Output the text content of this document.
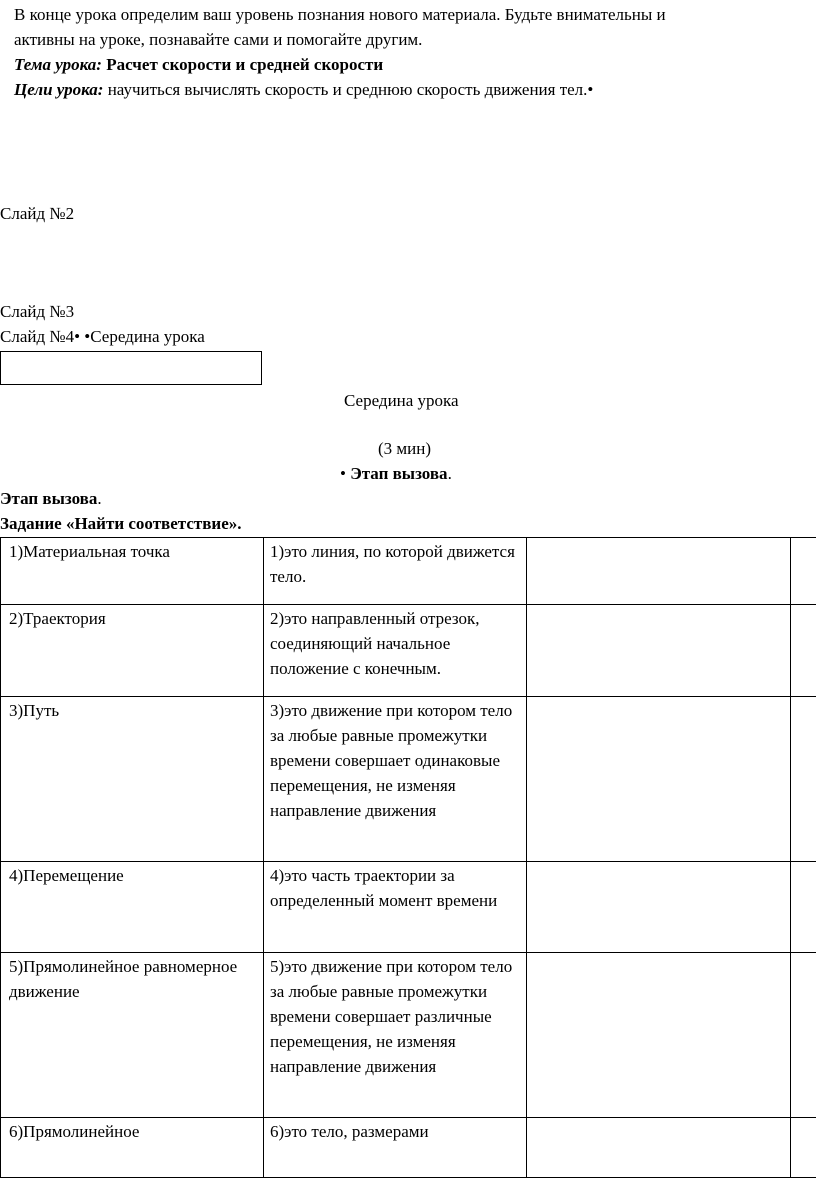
В конце урока определим ваш уровень познания нового материала. Будьте внимательны и
активны на уроке, познавайте сами и помогайте другим.
Тема урока: Расчет скорости и средней скорости
Цели урока: научиться вычислять скорость и среднюю скорость движения тел.•
Слайд №2
Слайд №3
Слайд №4• •Середина урока
Середина урока
(3 мин)
• Этап вызова.
Этап вызова.
Задание «Найти соответствие».
1)Материальная точка	1)это линия, по которой движется тело.		
2)Траектория	2)это направленный отрезок, соединяющий начальное положение с конечным.		
3)Путь	3)это движение при котором тело за любые равные промежутки времени совершает одинаковые перемещения, не изменяя направление движения		
4)Перемещение	4)это часть траектории за определенный момент времени		
5)Прямолинейное равномерное движение	5)это движение при котором тело за любые равные промежутки времени совершает различные перемещения, не изменяя направление движения		
6)Прямолинейное	6)это тело, размерами		
